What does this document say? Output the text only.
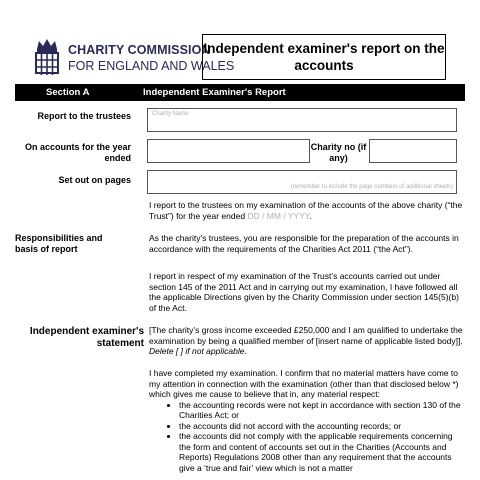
CHARITY COMMISSION
FOR ENGLAND AND WALES
Independent examiner's report on the accounts
Section A	Independent Examiner's Report
Report to the trustees	Charity Name
On accounts for the year ended
Charity no (if any)
Set out on pages
(remember to include the page numbers of additional sheets)
I report to the trustees on my examination of the accounts of the above charity (“the Trust”) for the year ended DD / MM / YYYY.
Responsibilities and basis of report
As the charity's trustees, you are responsible for the preparation of the accounts in accordance with the requirements of the Charities Act 2011 (“the Act”).
I report in respect of my examination of the Trust’s accounts carried out under section 145 of the 2011 Act and in carrying out my examination, I have followed all the applicable Directions given by the Charity Commission under section 145(5)(b) of the Act.
Independent examiner's statement
[The charity’s gross income exceeded £250,000 and I am qualified to undertake the examination by being a qualified member of [insert name of applicable listed body]]. Delete [ ] if not applicable.
I have completed my examination. I confirm that no material matters have come to my attention in connection with the examination (other than that disclosed below *) which gives me cause to believe that in, any material respect:
• the accounting records were not kept in accordance with section 130 of the Charities Act; or
• the accounts did not accord with the accounting records; or
• the accounts did not comply with the applicable requirements concerning the form and content of accounts set out in the Charities (Accounts and Reports) Regulations 2008 other than any requirement that the accounts give a ‘true and fair’ view which is not a matter
